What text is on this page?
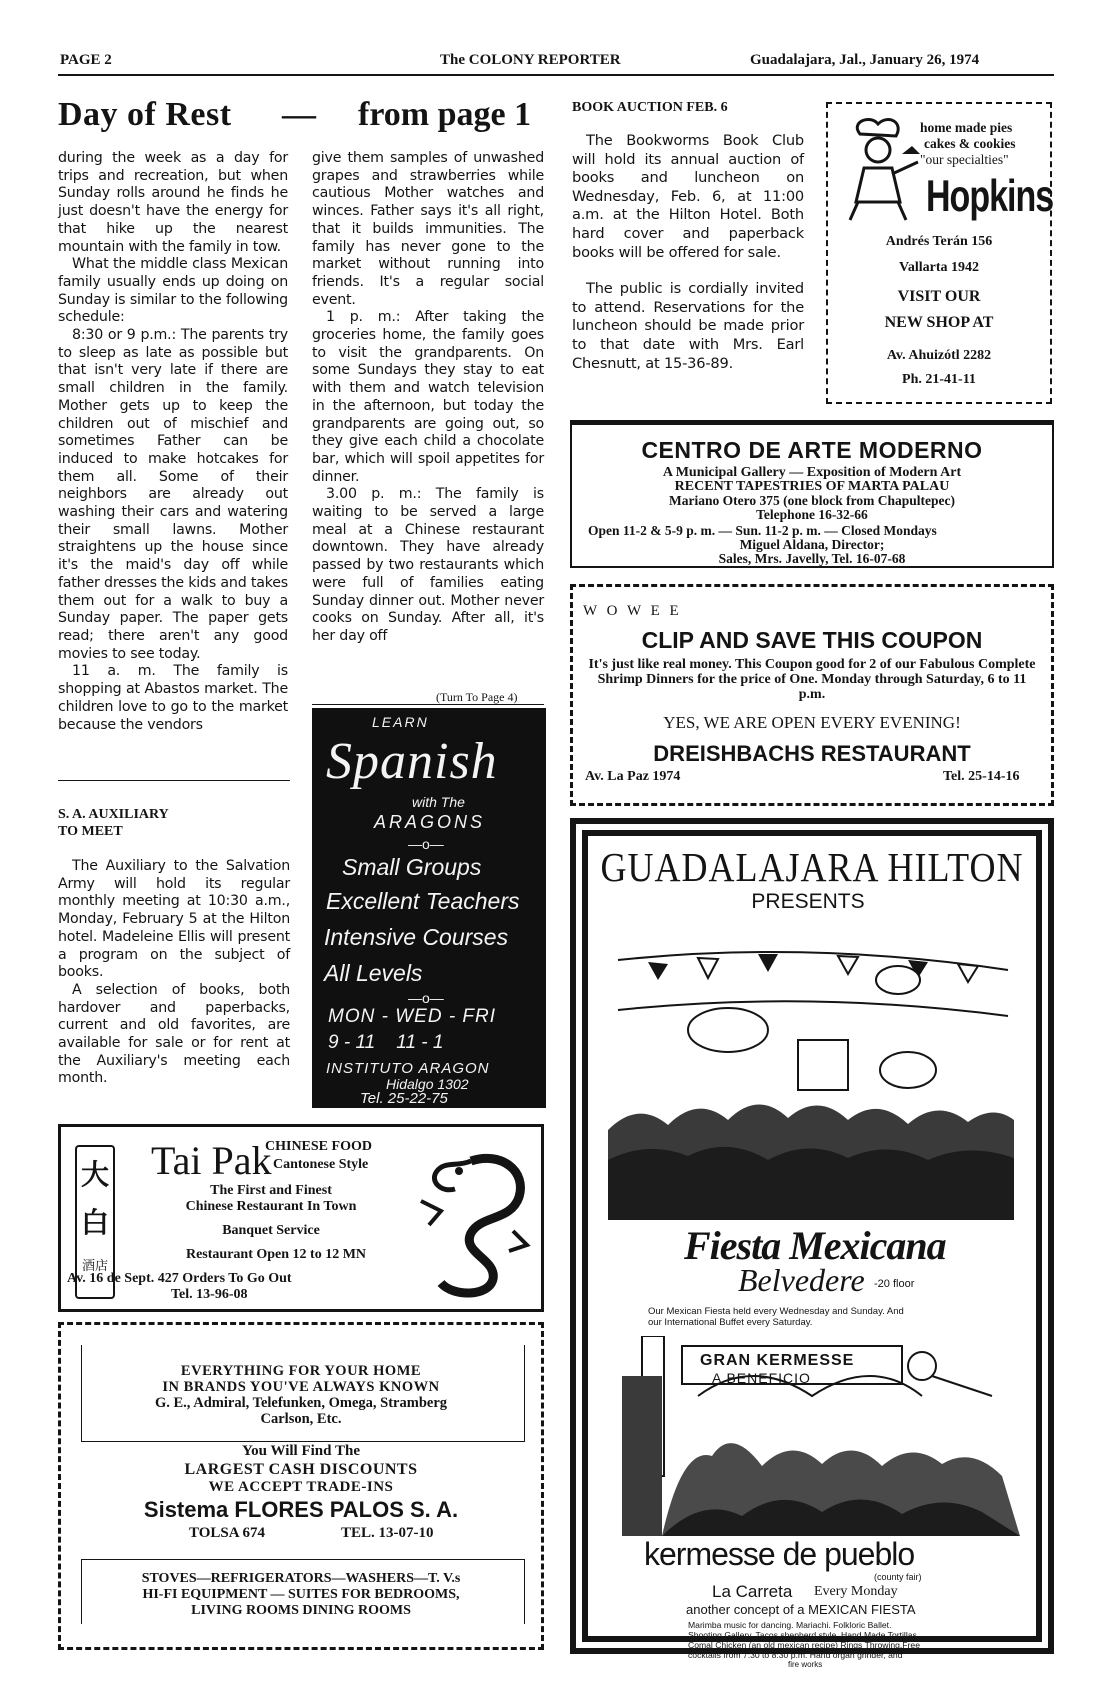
PAGE 2	The COLONY REPORTER	Guadalajara, Jal., January 26, 1974
Day of Rest — from page 1

during the week as a day for trips and recreation, but when Sunday rolls around he finds he just doesn't have the energy for that hike up the nearest mountain with the family in tow.

What the middle class Mexican family usually ends up doing on Sunday is similar to the following schedule:

8:30 or 9 p.m.: The parents try to sleep as late as possible but that isn't very late if there are small children in the family. Mother gets up to keep the children out of mischief and sometimes Father can be induced to make hotcakes for them all. Some of their neighbors are already out washing their cars and watering their small lawns. Mother straightens up the house since it's the maid's day off while father dresses the kids and takes them out for a walk to buy a Sunday paper. The paper gets read; there aren't any good movies to see today.

11 a. m. The family is shopping at Abastos market. The children love to go to the market because the vendors

give them samples of unwashed grapes and strawberries while cautious Mother watches and winces. Father says it's all right, that it builds immunities. The family has never gone to the market without running into friends. It's a regular social event.

1 p. m.: After taking the groceries home, the family goes to visit the grandparents. On some Sundays they stay to eat with them and watch television in the afternoon, but today the grandparents are going out, so they give each child a chocolate bar, which will spoil appetites for dinner.

3.00 p. m.: The family is waiting to be served a large meal at a Chinese restaurant downtown. They have already passed by two restaurants which were full of families eating Sunday dinner out. Mother never cooks on Sunday. After all, it's her day off

(Turn To Page 4)
S. A. AUXILIARY
TO MEET

The Auxiliary to the Salvation Army will hold its regular monthly meeting at 10:30 a.m., Monday, February 5 at the Hilton hotel. Madeleine Ellis will present a program on the subject of books.

A selection of books, both hardover and paperbacks, current and old favorites, are available for sale or for rent at the Auxiliary's meeting each month.

LEARN
Spanish
with The
ARAGONS
—o—
Small Groups
Excellent Teachers
Intensive Courses
All Levels
—o—
MON - WED - FRI
9 - 11    11 - 1
INSTITUTO ARAGON
Hidalgo 1302
Tel. 25-22-75
大
白
酒店
Tai Pak
CHINESE FOOD
Cantonese Style
The First and Finest
Chinese Restaurant In Town
Banquet Service
Restaurant Open 12 to 12 MN
Av. 16 de Sept. 427 Orders To Go Out
Tel. 13-96-08
EVERYTHING FOR YOUR HOME
IN BRANDS YOU'VE ALWAYS KNOWN
G. E., Admiral, Telefunken, Omega, Stramberg
Carlson, Etc.
You Will Find The
LARGEST CASH DISCOUNTS
WE ACCEPT TRADE-INS
Sistema FLORES PALOS S. A.
TOLSA 674	TEL. 13-07-10
STOVES—REFRIGERATORS—WASHERS—T. V.s
HI-FI EQUIPMENT — SUITES FOR BEDROOMS,
LIVING ROOMS DINING ROOMS
BOOK AUCTION FEB. 6

The Bookworms Book Club will hold its annual auction of books and luncheon on Wednesday, Feb. 6, at 11:00 a.m. at the Hilton Hotel. Both hard cover and paperback books will be offered for sale.

The public is cordially invited to attend. Reservations for the luncheon should be made prior to that date with Mrs. Earl Chesnutt, at 15-36-89.

home made pies
cakes & cookies
"our specialties"
Hopkins
Andrés Terán 156
Vallarta 1942
VISIT OUR
NEW SHOP AT
Av. Ahuizótl 2282
Ph. 21-41-11
CENTRO DE ARTE MODERNO
A Municipal Gallery — Exposition of Modern Art
RECENT TAPESTRIES OF MARTA PALAU
Mariano Otero 375 (one block from Chapultepec)
Telephone 16-32-66
Open 11-2 & 5-9 p. m. — Sun. 11-2 p. m. — Closed Mondays
Miguel Aldana, Director;
Sales, Mrs. Javelly, Tel. 16-07-68
W O W E E
CLIP AND SAVE THIS COUPON
It's just like real money. This Coupon good for 2 of our Fabulous Complete Shrimp Dinners for the price of One. Monday through Saturday, 6 to 11 p.m.
YES, WE ARE OPEN EVERY EVENING!
DREISHBACHS RESTAURANT
Av. La Paz 1974	Tel. 25-14-16
GUADALAJARA HILTON
PRESENTS
Fiesta Mexicana
Belvedere -20 floor
Our Mexican Fiesta held every Wednesday and Sunday. And
our International Buffet every Saturday.
GRAN KERMESSE
A BENEFICIO
kermesse de pueblo
(county fair)
La Carreta Every Monday
another concept of a MEXICAN FIESTA
Marimba music for dancing. Mariachi. Folkloric Ballet.
Shooting Gallery, Tacos shepherd style, Hand Made Tortillas,
Comal Chicken (an old mexican recipe) Rings Throwing.Free
cocktails from 7:30 to 8:30 p.m. Hand organ grinder, and
fire works
